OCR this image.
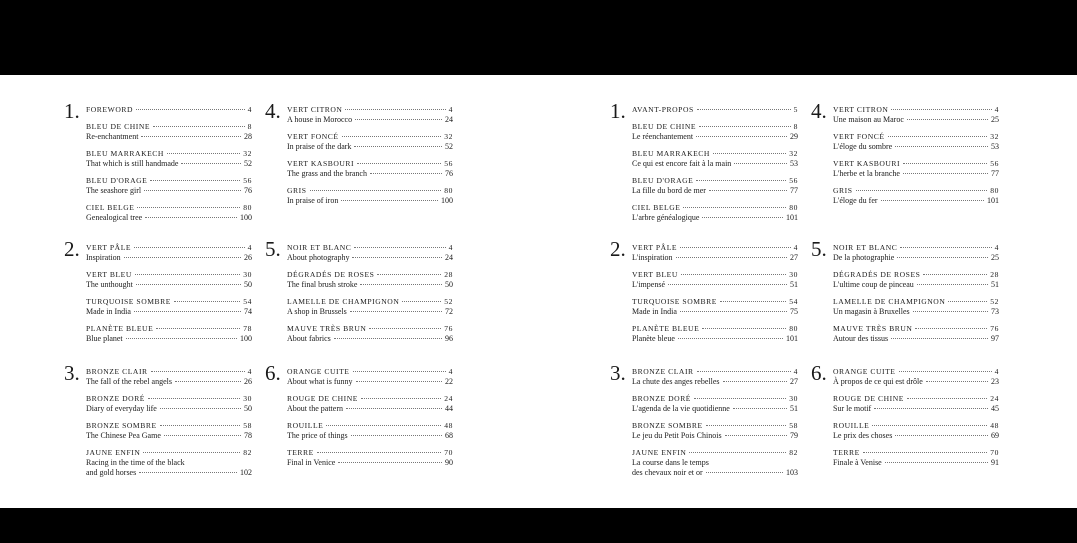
1. FOREWORD	4
BLEU DE CHINE	8
Re-enchantment	28
BLEU MARRAKECH	32
That which is still handmade	52
BLEU D'ORAGE	56
The seashore girl	76
CIEL BELGE	80
Genealogical tree	100
4. VERT CITRON	4
A house in Morocco	24
VERT FONCÉ	32
In praise of the dark	52
VERT KASBOURI	56
The grass and the branch	76
GRIS	80
In praise of iron	100
2. VERT PÂLE	4
Inspiration	26
VERT BLEU	30
The unthought	50
TURQUOISE SOMBRE	54
Made in India	74
PLANÈTE BLEUE	78
Blue planet	100
5. NOIR ET BLANC	4
About photography	24
DÉGRADÉS DE ROSES	28
The final brush stroke	50
LAMELLE DE CHAMPIGNON	52
A shop in Brussels	72
MAUVE TRÈS BRUN	76
About fabrics	96
3. BRONZE CLAIR	4
The fall of the rebel angels	26
BRONZE DORÉ	30
Diary of everyday life	50
BRONZE SOMBRE	58
The Chinese Pea Game	78
JAUNE ENFIN	82
Racing in the time of the black
and gold horses	102
6. ORANGE CUITE	4
About what is funny	22
ROUGE DE CHINE	24
About the pattern	44
ROUILLE	48
The price of things	68
TERRE	70
Final in Venice	90
1. AVANT-PROPOS	5
BLEU DE CHINE	8
Le réenchantement	29
BLEU MARRAKECH	32
Ce qui est encore fait à la main	53
BLEU D'ORAGE	56
La fille du bord de mer	77
CIEL BELGE	80
L'arbre généalogique	101
4. VERT CITRON	4
Une maison au Maroc	25
VERT FONCÉ	32
L'éloge du sombre	53
VERT KASBOURI	56
L'herbe et la branche	77
GRIS	80
L'éloge du fer	101
2. VERT PÂLE	4
L'inspiration	27
VERT BLEU	30
L'impensé	51
TURQUOISE SOMBRE	54
Made in India	75
PLANÈTE BLEUE	80
Planète bleue	101
5. NOIR ET BLANC	4
De la photographie	25
DÉGRADÉS DE ROSES	28
L'ultime coup de pinceau	51
LAMELLE DE CHAMPIGNON	52
Un magasin à Bruxelles	73
MAUVE TRÈS BRUN	76
Autour des tissus	97
3. BRONZE CLAIR	4
La chute des anges rebelles	27
BRONZE DORÉ	30
L'agenda de la vie quotidienne	51
BRONZE SOMBRE	58
Le jeu du Petit Pois Chinois	79
JAUNE ENFIN	82
La course dans le temps
des chevaux noir et or	103
6. ORANGE CUITE	4
À propos de ce qui est drôle	23
ROUGE DE CHINE	24
Sur le motif	45
ROUILLE	48
Le prix des choses	69
TERRE	70
Finale à Venise	91
